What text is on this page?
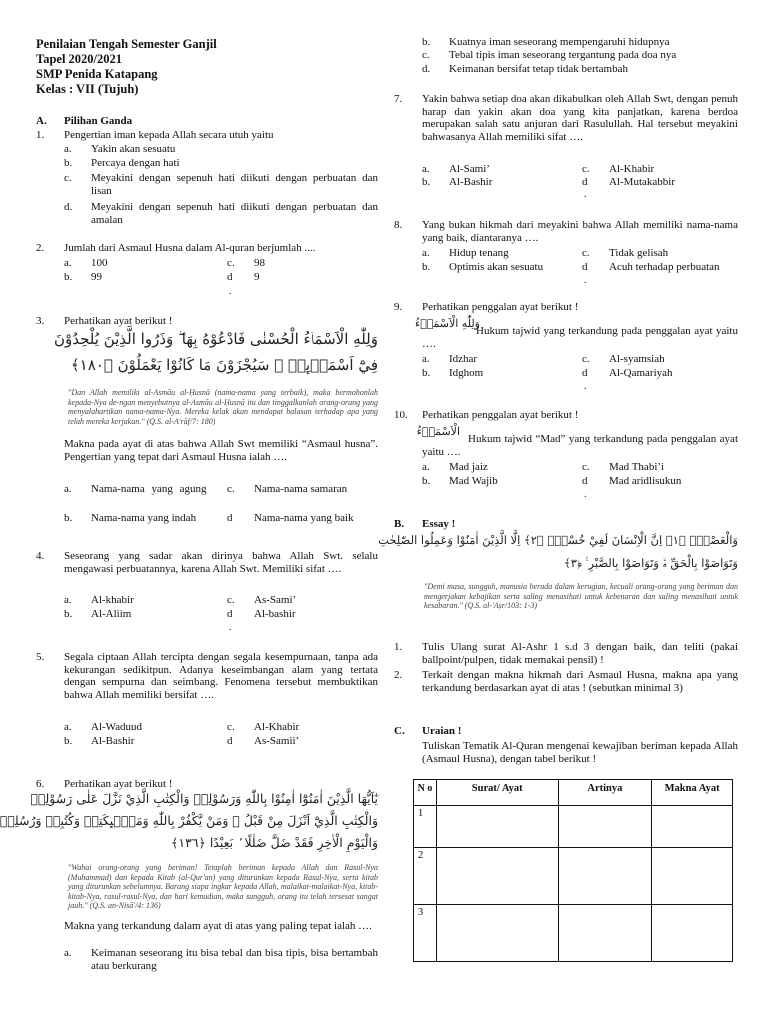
Penilaian Tengah Semester Ganjil
Tapel 2020/2021
SMP Penida Katapang
Kelas : VII (Tujuh)
A. Pilihan Ganda
1. Pengertian iman kepada Allah secara utuh yaitu
a.	Yakin akan sesuatu
b.	Percaya dengan hati
c.	Meyakini dengan sepenuh hati diikuti dengan perbuatan dan lisan
d.	Meyakini dengan sepenuh hati diikuti dengan perbuatan dan amalan
2. Jumlah dari Asmaul Husna dalam Al-quran berjumlah ....
a.	100
b.	99
c.	98
d	9
.
3. Perhatikan ayat berikut !
وَلِلّٰهِ الْاَسْمَاۤءُ الْحُسْنٰى فَادْعُوْهُ بِهَا ۖ وَذَرُوا الَّذِيْنَ يُلْحِدُوْنَ
فِيْٓ اَسْمَاۤىِٕهٖ ۗ سَيُجْزَوْنَ مَا كَانُوْا يَعْمَلُوْنَ ﴿١٨٠﴾
"Dan Allah memiliki al-Asmāu al-Ḥusnā (nama-nama yang terbaik), maka bermohonlah kepada-Nya de-ngan menyebutnya al-Asmāu al-Ḥusnā itu dan tinggalkanlah orang-orang yang menyalahartikan nama-nama-Nya. Mereka kelak akan mendapat balasan terhadap apa yang telah mereka kerjakan." (Q.S. al-A'rāf/7: 180)
Makna pada ayat di atas bahwa Allah Swt memiliki “Asmaul husna”. Pengertian yang tepat dari Asmaul Husna ialah ….
a.	Nama-nama yang agung
b.	Nama-nama yang indah
c.	Nama-nama samaran
d	Nama-nama yang baik
4. Seseorang yang sadar akan dirinya bahwa Allah Swt. selalu mengawasi perbuatannya, karena Allah Swt. Memiliki sifat ….
a.	Al-khabir
b.	Al-Aliim
c.	As-Sami’
d	Al-bashir
.
5. Segala ciptaan Allah tercipta dengan segala kesempurnaan, tanpa ada kekurangan sedikitpun. Adanya keseimbangan alam yang tertata dengan sempurna dan seimbang. Fenomena tersebut membuktikan bahwa Allah memiliki bersifat ….
a.	Al-Waduud
b.	Al-Bashir
c.	Al-Khabir
d	As-Samii’
6. Perhatikan ayat berikut !
يٰٓاَيُّهَا الَّذِيْنَ اٰمَنُوْٓا اٰمِنُوْا بِاللّٰهِ وَرَسُوْلِهٖ وَالْكِتٰبِ الَّذِيْ نَزَّلَ عَلٰى رَسُوْلِهٖ
وَالْكِتٰبِ الَّذِيْٓ اَنْزَلَ مِنْ قَبْلُ ۗ وَمَنْ يَّكْفُرْ بِاللّٰهِ وَمَلٰۤىِٕكَتِهٖ وَكُتُبِهٖ وَرُسُلِهٖ
وَالْيَوْمِ الْاٰخِرِ فَقَدْ ضَلَّ ضَلٰلًا ۢ بَعِيْدًا ﴿١٣٦﴾
"Wahai orang-orang yang beriman! Tetaplah beriman kepada Allah dan Rasul-Nya (Muhammad) dan kepada Kitab (al-Qur'an) yang diturunkan kepada Rasul-Nya, serta kitab yang diturunkan sebelumnya. Barang siapa ingkar kepada Allah, malaikat-malaikat-Nya, kitab-kitab-Nya, rasul-rasul-Nya, dan hari kemudian, maka sungguh, orang itu telah tersesat sangat jauh." (Q.S. an-Nisā'/4: 136)
Makna yang terkandung dalam ayat di atas yang paling tepat ialah ….
a.	Keimanan seseorang itu bisa tebal dan bisa tipis, bisa bertambah atau berkurang
b.	Kuatnya iman seseorang mempengaruhi hidupnya
c.	Tebal tipis iman seseorang tergantung pada doa nya
d.	Keimanan bersifat tetap tidak bertambah
7. Yakin bahwa setiap doa akan dikabulkan oleh Allah Swt, dengan penuh harap dan yakin akan doa yang kita panjatkan, karena berdoa merupakan salah satu anjuran dari Rasulullah. Hal tersebut meyakini bahwasanya Allah memiliki sifat ….
a.	Al-Sami’
b.	Al-Bashir
c.	Al-Khabir
d	Al-Mutakabbir
.
8. Yang bukan hikmah dari meyakini bahwa Allah memiliki nama-nama yang baik, diantaranya ….
a.	Hidup tenang
b.	Optimis akan sesuatu
c.	Tidak gelisah
d	Acuh terhadap perbuatan
.
9. Perhatikan penggalan ayat berikut !
وَلِلّٰهِ الْاَسْمَاۤءُ
Hukum tajwid yang terkandung pada penggalan ayat yaitu ….
a.	Idzhar
b.	Idghom
c.	Al-syamsiah
d	Al-Qamariyah
.
10. Perhatikan penggalan ayat berikut !
الْاَسْمَاۤءُ
Hukum tajwid “Mad” yang terkandung pada penggalan ayat yaitu ….
a.	Mad jaiz
b.	Mad Wajib
c.	Mad Thabi’i
d	Mad aridlisukun
.
B. Essay !
وَالْعَصْرِۙ ﴿١﴾ اِنَّ الْاِنْسَانَ لَفِيْ خُسْرٍۙ ﴿٢﴾ اِلَّا الَّذِيْنَ اٰمَنُوْا وَعَمِلُوا الصّٰلِحٰتِ
وَتَوَاصَوْا بِالْحَقِّ ەۙ وَتَوَاصَوْا بِالصَّبْرِ ࣖ ﴿٣﴾
"Demi masa, sungguh, manusia berada dalam kerugian, kecuali orang-orang yang beriman dan mengerjakan kebajikan serta saling menasihati untuk kebenaran dan saling menasihati untuk kesabaran." (Q.S. al-'Aṣr/103: 1-3)
1. Tulis Ulang surat Al-Ashr 1 s.d 3 dengan baik, dan teliti (pakai ballpoint/pulpen, tidak memakai pensil) !
2. Terkait dengan makna hikmah dari Asmaul Husna, makna apa yang terkandung berdasarkan ayat di atas ! (sebutkan minimal 3)
C. Uraian !
Tuliskan Tematik Al-Quran mengenai kewajiban beriman kepada Allah (Asmaul Husna), dengan tabel berikut !
N o	Surat/ Ayat	Artinya	Makna Ayat
1			
2			
3			
